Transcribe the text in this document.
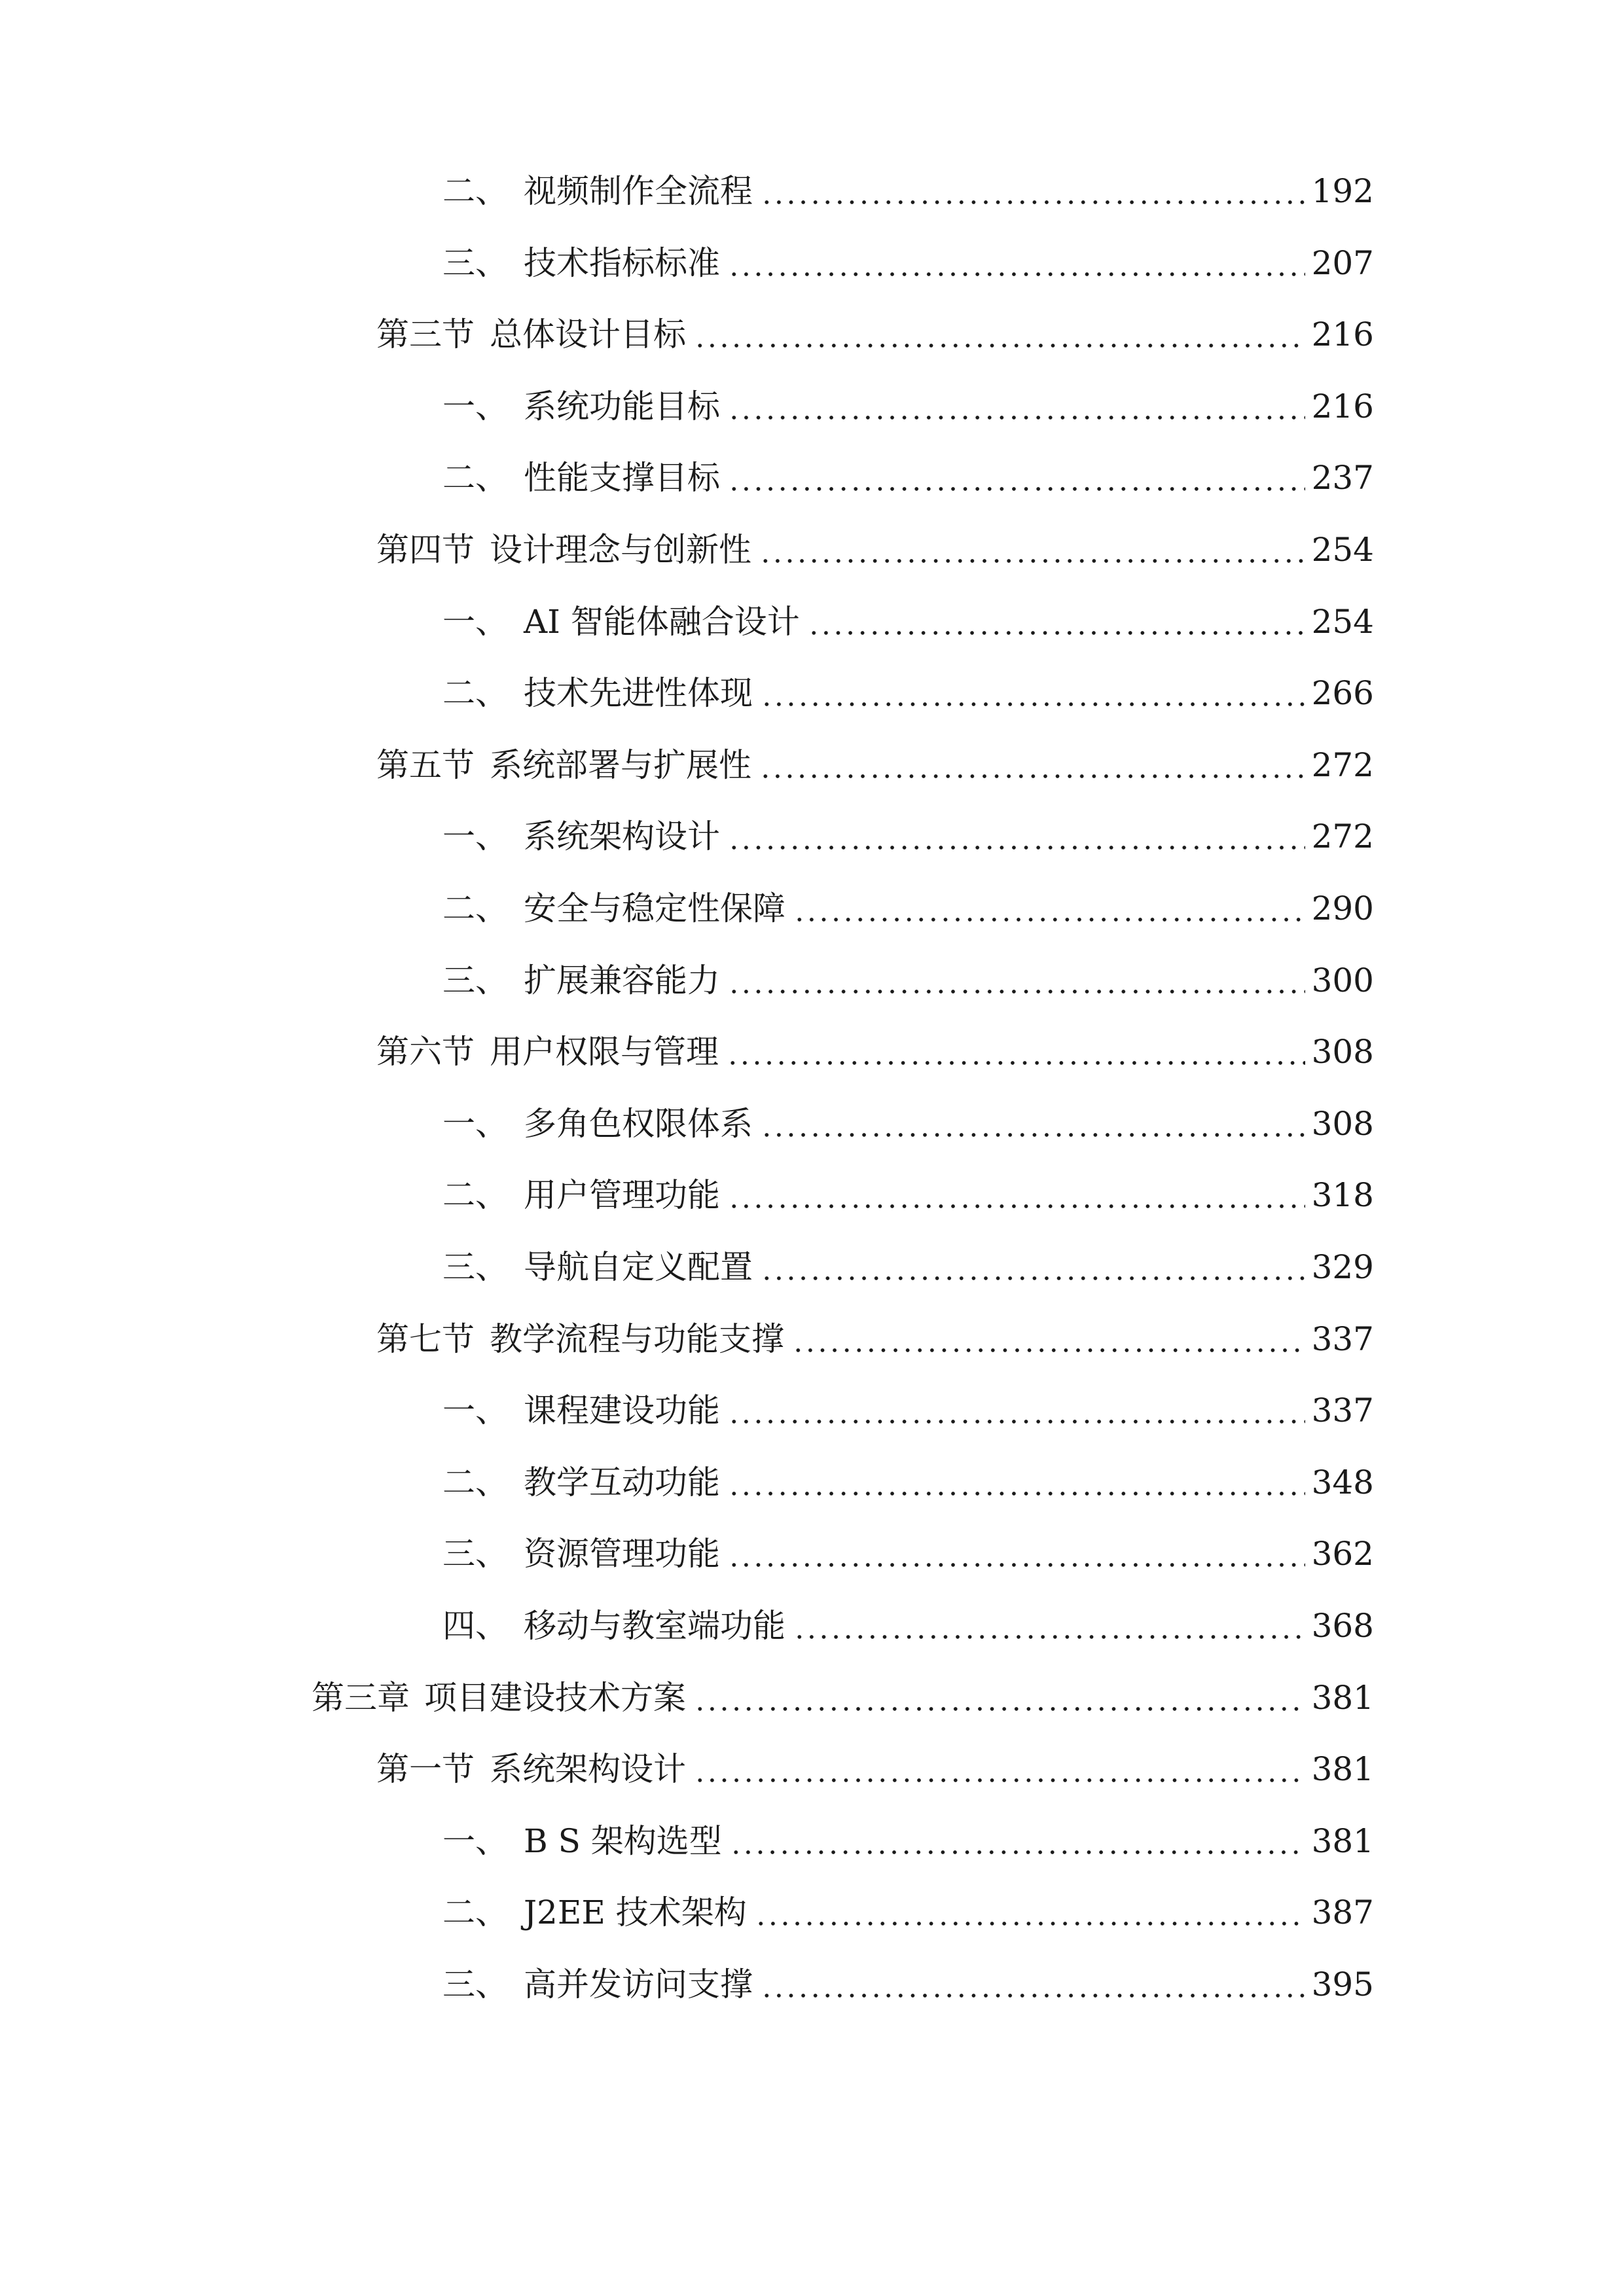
二、 视频制作全流程	192
三、 技术指标标准	207
第三节 总体设计目标	216
一、 系统功能目标	216
二、 性能支撑目标	237
第四节 设计理念与创新性	254
一、 AI 智能体融合设计	254
二、 技术先进性体现	266
第五节 系统部署与扩展性	272
一、 系统架构设计	272
二、 安全与稳定性保障	290
三、 扩展兼容能力	300
第六节 用户权限与管理	308
一、 多角色权限体系	308
二、 用户管理功能	318
三、 导航自定义配置	329
第七节 教学流程与功能支撑	337
一、 课程建设功能	337
二、 教学互动功能	348
三、 资源管理功能	362
四、 移动与教室端功能	368
第三章 项目建设技术方案	381
第一节 系统架构设计	381
一、 B S 架构选型	381
二、 J2EE 技术架构	387
三、 高并发访问支撑	395
